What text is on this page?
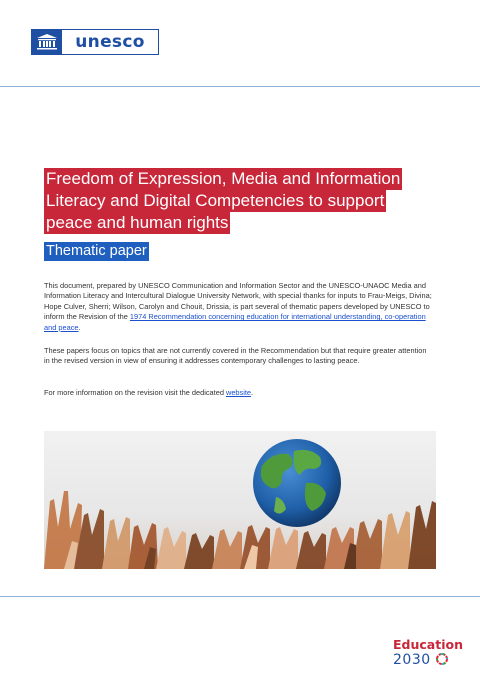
unesco
Freedom of Expression, Media and Information
Literacy and Digital Competencies to support
peace and human rights
Thematic paper
This document, prepared by UNESCO Communication and Information Sector and the UNESCO-UNAOC Media and Information Literacy and Intercultural Dialogue University Network, with special thanks for inputs to Frau-Meigs, Divina; Hope Culver, Sherri; Wilson, Carolyn and Chouit, Drissia, is part several of thematic papers developed by UNESCO to inform the Revision of the 1974 Recommendation concerning education for international understanding, co-operation and peace.
These papers focus on topics that are not currently covered in the Recommendation but that require greater attention in the revised version in view of ensuring it addresses contemporary challenges to lasting peace.
For more information on the revision visit the dedicated website.
Education
2030
